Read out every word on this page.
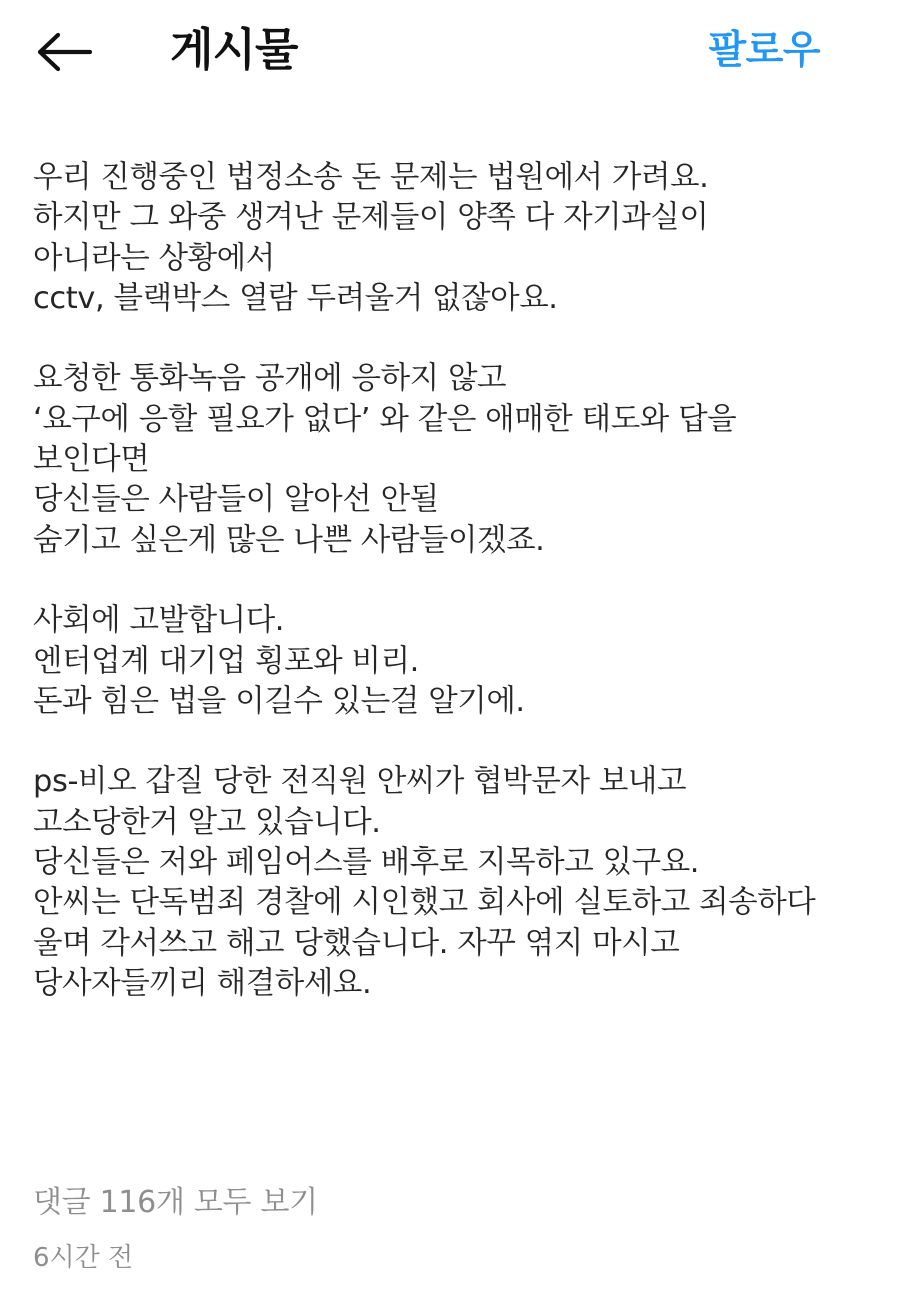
게시물	팔로우
우리 진행중인 법정소송 돈 문제는 법원에서 가려요.
하지만 그 와중 생겨난 문제들이 양쪽 다 자기과실이
아니라는 상황에서
cctv, 블랙박스 열람 두려울거 없잖아요.
요청한 통화녹음 공개에 응하지 않고
‘요구에 응할 필요가 없다’ 와 같은 애매한 태도와 답을
보인다면
당신들은 사람들이 알아선 안될
숨기고 싶은게 많은 나쁜 사람들이겠죠.
사회에 고발합니다.
엔터업계 대기업 횡포와 비리.
돈과 힘은 법을 이길수 있는걸 알기에.
ps-비오 갑질 당한 전직원 안씨가 협박문자 보내고
고소당한거 알고 있습니다.
당신들은 저와 페임어스를 배후로 지목하고 있구요.
안씨는 단독범죄 경찰에 시인했고 회사에 실토하고 죄송하다
울며 각서쓰고 해고 당했습니다. 자꾸 엮지 마시고
당사자들끼리 해결하세요.
댓글 116개 모두 보기
6시간 전
